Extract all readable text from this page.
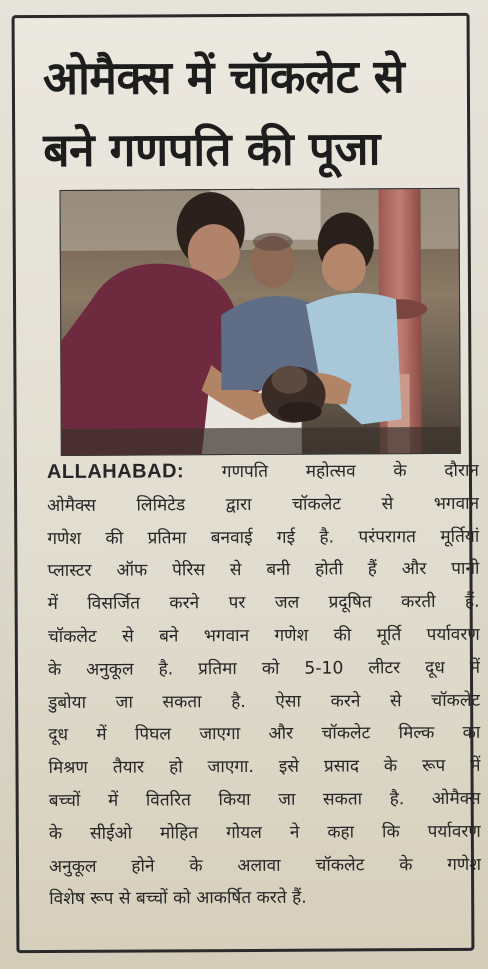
ओमैक्स में चॉकलेट से
बने गणपति की पूजा
ALLAHABAD: गणपति महोत्सव के दौरान
ओमैक्स लिमिटेड द्वारा चॉकलेट से भगवान
गणेश की प्रतिमा बनवाई गई है. परंपरागत मूर्तियां
प्लास्टर ऑफ पेरिस से बनी होती हैं और पानी
में विसर्जित करने पर जल प्रदूषित करती हैं.
चॉकलेट से बने भगवान गणेश की मूर्ति पर्यावरण
के अनुकूल है. प्रतिमा को 5-10 लीटर दूध में
डुबोया जा सकता है. ऐसा करने से चॉकलेट
दूध में पिघल जाएगा और चॉकलेट मिल्क का
मिश्रण तैयार हो जाएगा. इसे प्रसाद के रूप में
बच्चों में वितरित किया जा सकता है. ओमैक्स
के सीईओ मोहित गोयल ने कहा कि पर्यावरण
अनुकूल होने के अलावा चॉकलेट के गणेश
विशेष रूप से बच्चों को आकर्षित करते हैं.
